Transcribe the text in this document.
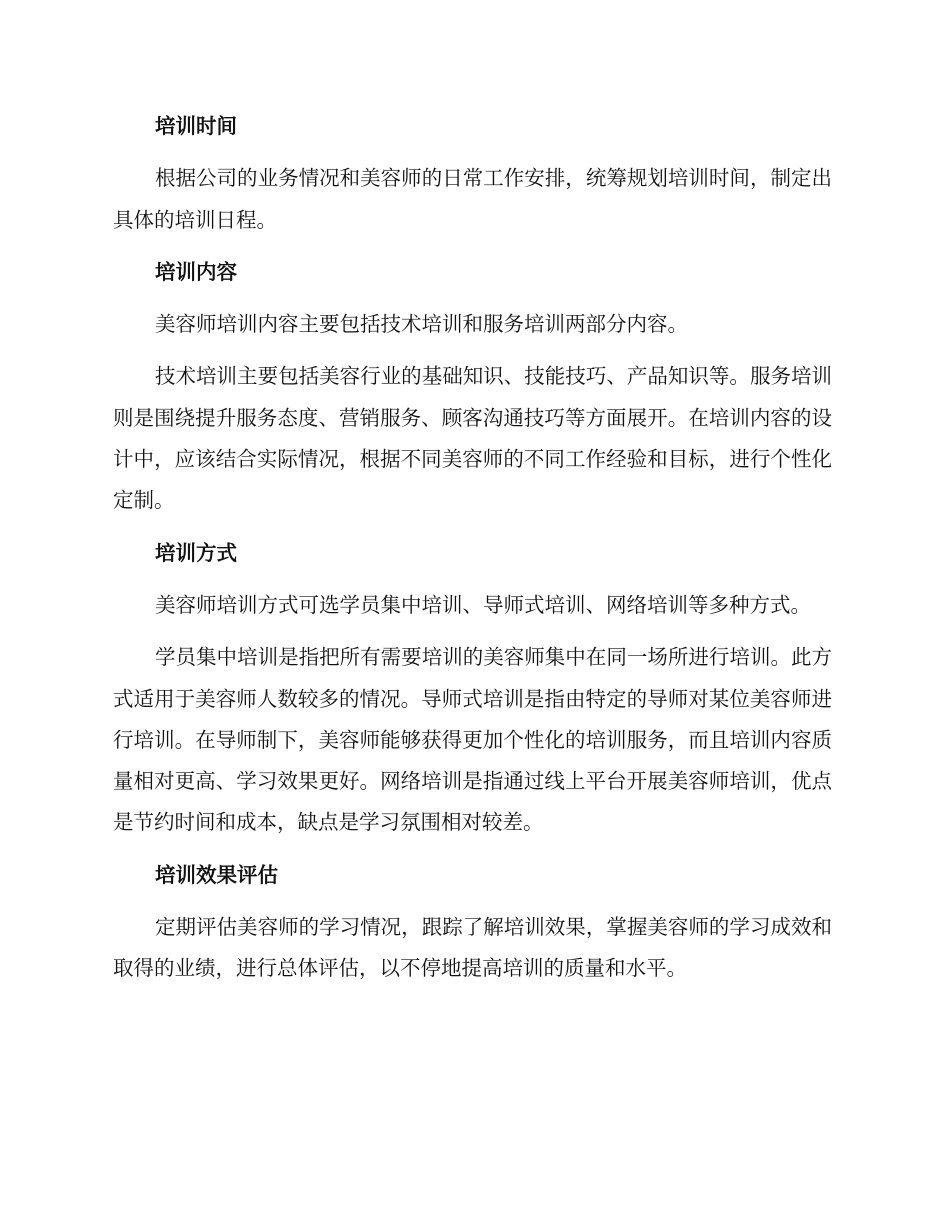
培训时间

根据公司的业务情况和美容师的日常工作安排，统筹规划培训时间，制定出具体的培训日程。

培训内容

美容师培训内容主要包括技术培训和服务培训两部分内容。

技术培训主要包括美容行业的基础知识、技能技巧、产品知识等。服务培训则是围绕提升服务态度、营销服务、顾客沟通技巧等方面展开。在培训内容的设计中，应该结合实际情况，根据不同美容师的不同工作经验和目标，进行个性化定制。

培训方式

美容师培训方式可选学员集中培训、导师式培训、网络培训等多种方式。

学员集中培训是指把所有需要培训的美容师集中在同一场所进行培训。此方式适用于美容师人数较多的情况。导师式培训是指由特定的导师对某位美容师进行培训。在导师制下，美容师能够获得更加个性化的培训服务，而且培训内容质量相对更高、学习效果更好。网络培训是指通过线上平台开展美容师培训，优点是节约时间和成本，缺点是学习氛围相对较差。

培训效果评估

定期评估美容师的学习情况，跟踪了解培训效果，掌握美容师的学习成效和取得的业绩，进行总体评估，以不停地提高培训的质量和水平。
